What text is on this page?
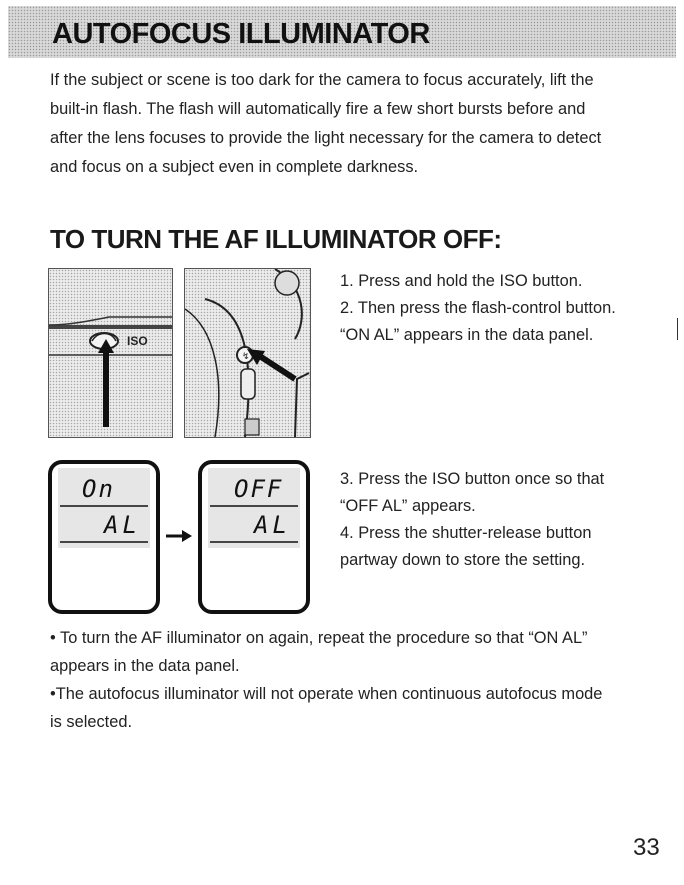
AUTOFOCUS ILLUMINATOR

If the subject or scene is too dark for the camera to focus accurately, lift the
built-in flash. The flash will automatically fire a few short bursts before and
after the lens focuses to provide the light necessary for the camera to detect
and focus on a subject even in complete darkness.

TO TURN THE AF ILLUMINATOR OFF:
ISO
↯
1. Press and hold the ISO button.
2. Then press the flash-control button.
“ON AL” appears in the data panel.
On
AL
OFF
AL
3. Press the ISO button once so that
“OFF AL” appears.
4. Press the shutter-release button
partway down to store the setting.

• To turn the AF illuminator on again, repeat the procedure so that “ON AL”

appears in the data panel.

•The autofocus illuminator will not operate when continuous autofocus mode

is selected.

33
